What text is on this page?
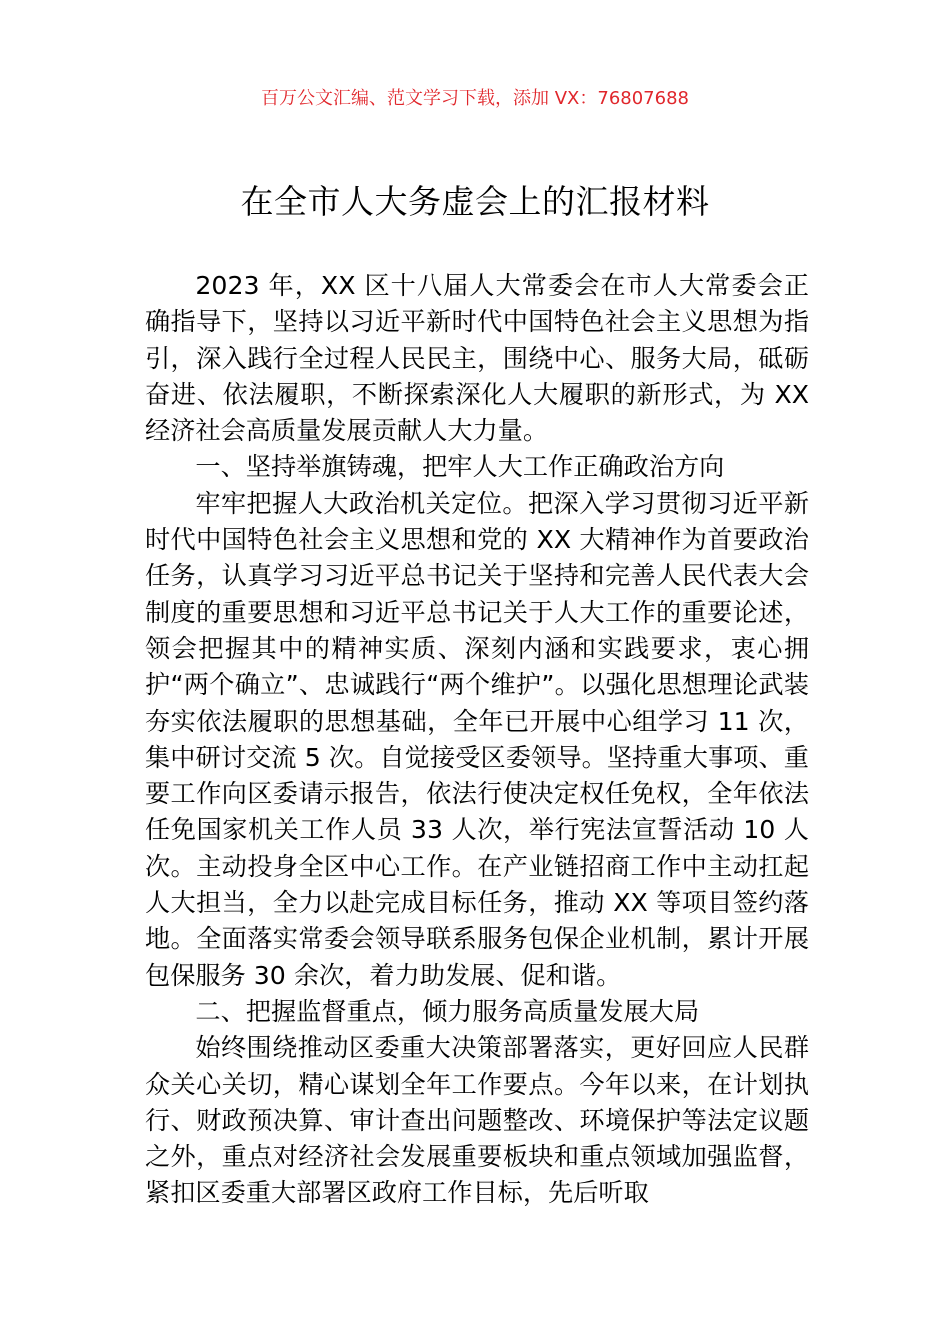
百万公文汇编、范文学习下载，添加 VX：76807688
在全市人大务虚会上的汇报材料

2023 年，XX 区十八届人大常委会在市人大常委会正确指导下，坚持以习近平新时代中国特色社会主义思想为指引，深入践行全过程人民民主，围绕中心、服务大局，砥砺奋进、依法履职，不断探索深化人大履职的新形式，为 XX 经济社会高质量发展贡献人大力量。

一、坚持举旗铸魂，把牢人大工作正确政治方向

牢牢把握人大政治机关定位。把深入学习贯彻习近平新时代中国特色社会主义思想和党的 XX 大精神作为首要政治任务，认真学习习近平总书记关于坚持和完善人民代表大会制度的重要思想和习近平总书记关于人大工作的重要论述，领会把握其中的精神实质、深刻内涵和实践要求，衷心拥护“两个确立”、忠诚践行“两个维护”。以强化思想理论武装夯实依法履职的思想基础，全年已开展中心组学习 11 次，集中研讨交流 5 次。自觉接受区委领导。坚持重大事项、重要工作向区委请示报告，依法行使决定权任免权，全年依法任免国家机关工作人员 33 人次，举行宪法宣誓活动 10 人次。主动投身全区中心工作。在产业链招商工作中主动扛起人大担当，全力以赴完成目标任务，推动 XX 等项目签约落地。全面落实常委会领导联系服务包保企业机制，累计开展包保服务 30 余次，着力助发展、促和谐。

二、把握监督重点，倾力服务高质量发展大局

始终围绕推动区委重大决策部署落实，更好回应人民群众关心关切，精心谋划全年工作要点。今年以来，在计划执行、财政预决算、审计查出问题整改、环境保护等法定议题之外，重点对经济社会发展重要板块和重点领域加强监督，紧扣区委重大部署区政府工作目标，先后听取
